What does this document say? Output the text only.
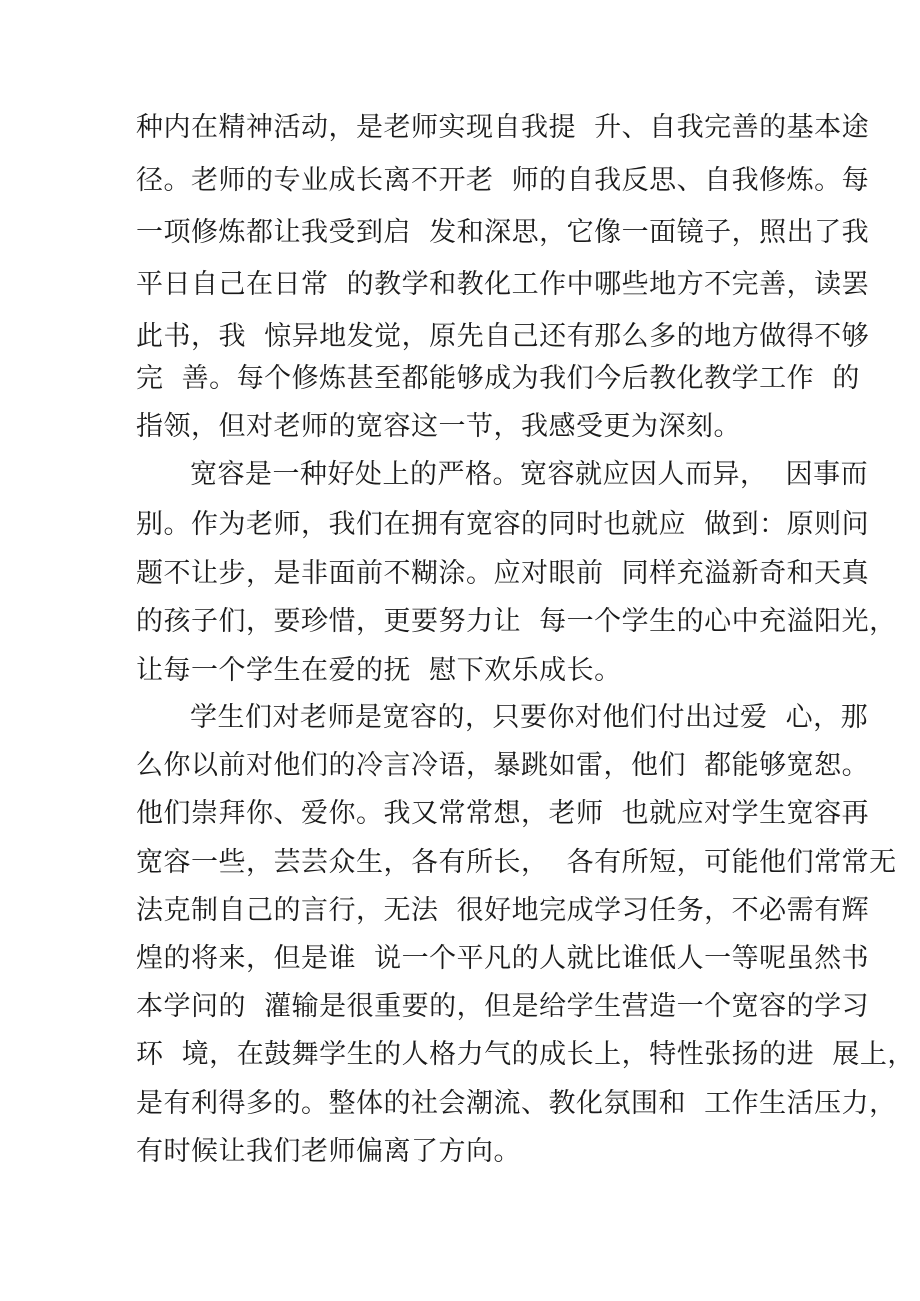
种内在精神活动，是老师实现自我提  升、自我完善的基本途
径。老师的专业成长离不开老  师的自我反思、自我修炼。每
一项修炼都让我受到启  发和深思，它像一面镜子，照出了我
平日自己在日常  的教学和教化工作中哪些地方不完善，读罢
此书，我  惊异地发觉，原先自己还有那么多的地方做得不够
完  善。每个修炼甚至都能够成为我们今后教化教学工作  的
指领，但对老师的宽容这一节，我感受更为深刻。
宽容是一种好处上的严格。宽容就应因人而异，  因事而
别。作为老师，我们在拥有宽容的同时也就应  做到：原则问
题不让步，是非面前不糊涂。应对眼前  同样充溢新奇和天真
的孩子们，要珍惜，更要努力让  每一个学生的心中充溢阳光，
让每一个学生在爱的抚  慰下欢乐成长。
学生们对老师是宽容的，只要你对他们付出过爱  心，那
么你以前对他们的冷言冷语，暴跳如雷，他们  都能够宽恕。
他们崇拜你、爱你。我又常常想，老师  也就应对学生宽容再
宽容一些，芸芸众生，各有所长，  各有所短，可能他们常常无
法克制自己的言行，无法  很好地完成学习任务，不必需有辉
煌的将来，但是谁  说一个平凡的人就比谁低人一等呢虽然书
本学问的  灌输是很重要的，但是给学生营造一个宽容的学习
环  境，在鼓舞学生的人格力气的成长上，特性张扬的进  展上，
是有利得多的。整体的社会潮流、教化氛围和  工作生活压力，
有时候让我们老师偏离了方向。
